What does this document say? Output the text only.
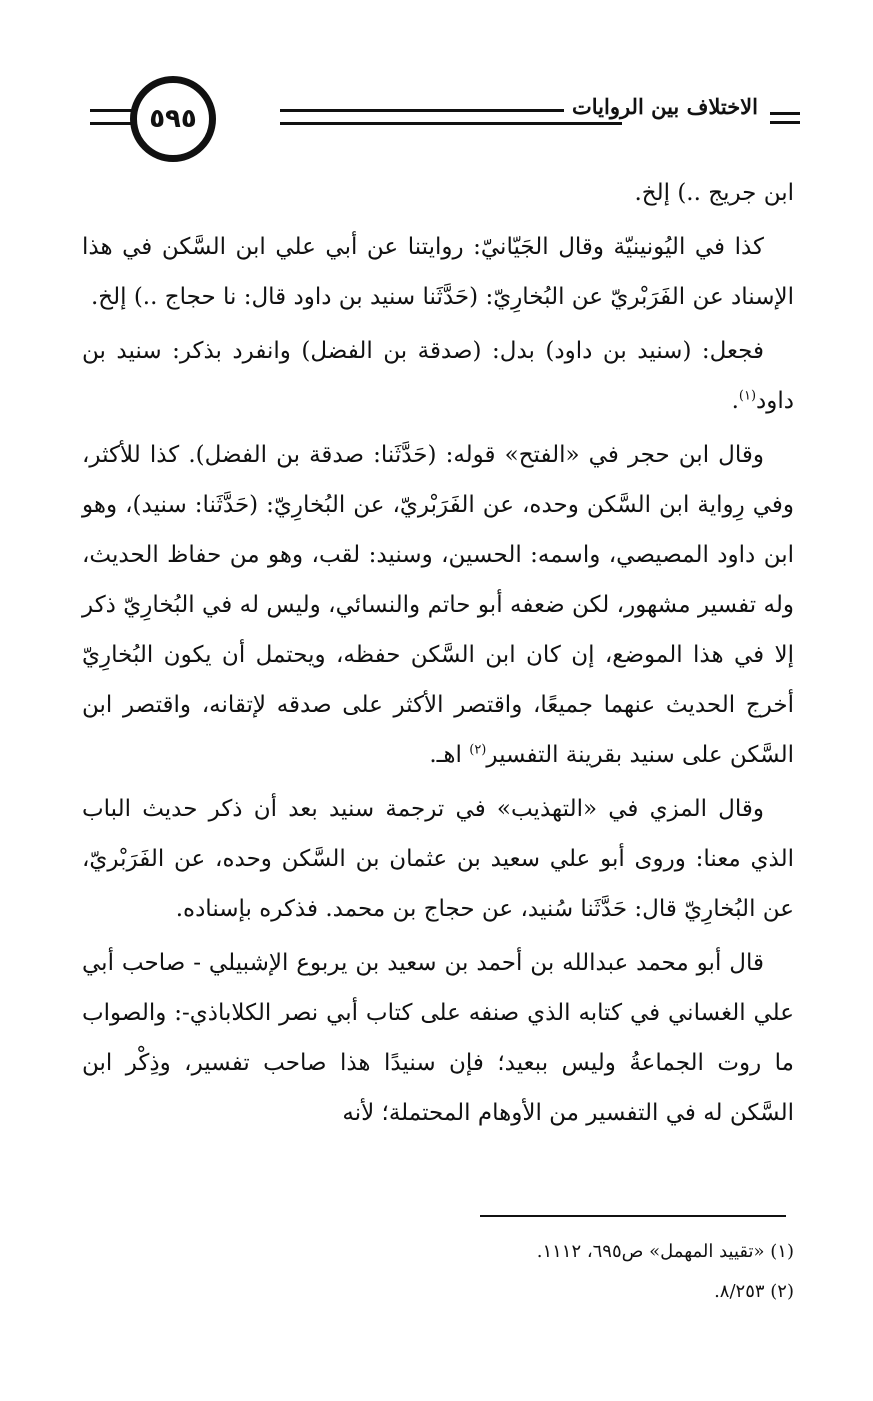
٥٩٥	الاختلاف بين الروايات

ابن جريج ..) إلخ.

كذا في اليُونينيّة وقال الجَيّانيّ: روايتنا عن أبي علي ابن السَّكن في هذا الإسناد عن الفَرَبْريّ عن البُخارِيّ: (حَدَّثَنا سنيد بن داود قال: نا حجاج ..) إلخ.

فجعل: (سنيد بن داود) بدل: (صدقة بن الفضل) وانفرد بذكر: سنيد بن داود$^{(١)}$.

وقال ابن حجر في «الفتح» قوله: (حَدَّثَنا: صدقة بن الفضل). كذا للأكثر، وفي رِواية ابن السَّكن وحده، عن الفَرَبْريّ، عن البُخارِيّ: (حَدَّثَنا: سنيد)، وهو ابن داود المصيصي، واسمه: الحسين، وسنيد: لقب، وهو من حفاظ الحديث، وله تفسير مشهور، لكن ضعفه أبو حاتم والنسائي، وليس له في البُخارِيّ ذكر إلا في هذا الموضع، إن كان ابن السَّكن حفظه، ويحتمل أن يكون البُخارِيّ أخرج الحديث عنهما جميعًا، واقتصر الأكثر على صدقه لإتقانه، واقتصر ابن السَّكن على سنيد بقرينة التفسير$^{(٢)}$ اهـ.

وقال المزي في «التهذيب» في ترجمة سنيد بعد أن ذكر حديث الباب الذي معنا: وروى أبو علي سعيد بن عثمان بن السَّكن وحده، عن الفَرَبْريّ، عن البُخارِيّ قال: حَدَّثَنا سُنيد، عن حجاج بن محمد. فذكره بإسناده.

قال أبو محمد عبدالله بن أحمد بن سعيد بن يربوع الإشبيلي - صاحب أبي علي الغساني في كتابه الذي صنفه على كتاب أبي نصر الكلاباذي-: والصواب ما روت الجماعةُ وليس ببعيد؛ فإن سنيدًا هذا صاحب تفسير، وذِكْر ابن السَّكن له في التفسير من الأوهام المحتملة؛ لأنه

(١) «تقييد المهمل» ص٦٩٥، ١١١٢.

(٢) ٨/٢٥٣.
